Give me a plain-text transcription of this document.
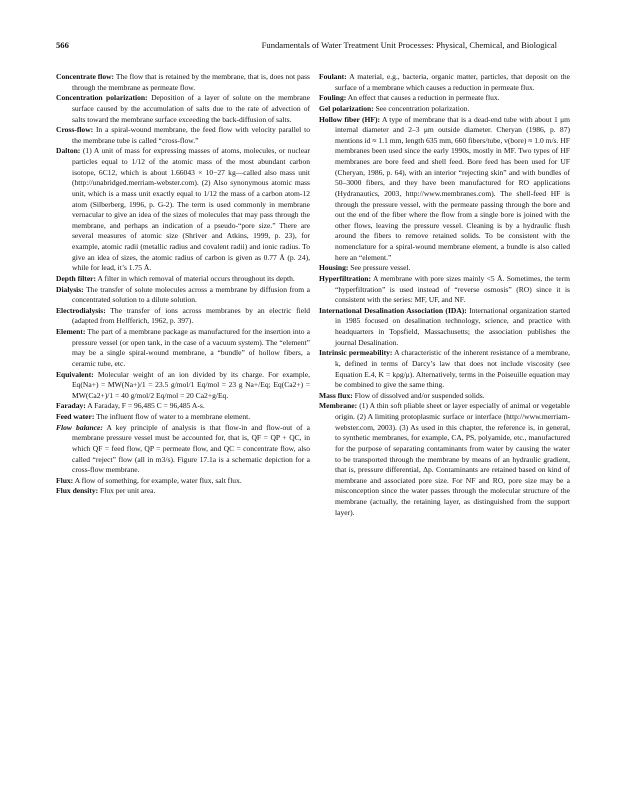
566	Fundamentals of Water Treatment Unit Processes: Physical, Chemical, and Biological

Concentrate flow: The flow that is retained by the membrane, that is, does not pass through the membrane as permeate flow.

Concentration polarization: Deposition of a layer of solute on the membrane surface caused by the accumulation of salts due to the rate of advection of salts toward the membrane surface exceeding the back-diffusion of salts.

Cross-flow: In a spiral-wound membrane, the feed flow with velocity parallel to the membrane tube is called “cross-flow.”

Dalton: (1) A unit of mass for expressing masses of atoms, molecules, or nuclear particles equal to 1/12 of the atomic mass of the most abundant carbon isotope, 6C12, which is about 1.66043 × 10−27 kg—called also mass unit (http://unabridged.merriam-webster.com). (2) Also synonymous atomic mass unit, which is a mass unit exactly equal to 1/12 the mass of a carbon atom-12 atom (Silberberg, 1996, p. G-2). The term is used commonly in membrane vernacular to give an idea of the sizes of molecules that may pass through the membrane, and perhaps an indication of a pseudo-“pore size.” There are several measures of atomic size (Shriver and Atkins, 1999, p. 23), for example, atomic radii (metallic radius and covalent radii) and ionic radius. To give an idea of sizes, the atomic radius of carbon is given as 0.77 Å (p. 24), while for lead, it’s 1.75 Å.

Depth filter: A filter in which removal of material occurs throughout its depth.

Dialysis: The transfer of solute molecules across a membrane by diffusion from a concentrated solution to a dilute solution.

Electrodialysis: The transfer of ions across membranes by an electric field (adapted from Helfferich, 1962, p. 397).

Element: The part of a membrane package as manufactured for the insertion into a pressure vessel (or open tank, in the case of a vacuum system). The “element” may be a single spiral-wound membrane, a “bundle” of hollow fibers, a ceramic tube, etc.

Equivalent: Molecular weight of an ion divided by its charge. For example, Eq(Na+) = MW(Na+)/1 = 23.5 g/mol/1 Eq/mol = 23 g Na+/Eq; Eq(Ca2+) = MW(Ca2+)/1 = 40 g/mol/2 Eq/mol = 20 Ca2+g/Eq.

Faraday: A Faraday, F = 96,485 C = 96,485 A-s.

Feed water: The influent flow of water to a membrane element.

Flow balance: A key principle of analysis is that flow-in and flow-out of a membrane pressure vessel must be accounted for, that is, QF = QP + QC, in which QF = feed flow, QP = permeate flow, and QC = concentrate flow, also called “reject” flow (all in m3/s). Figure 17.1a is a schematic depiction for a cross-flow membrane.

Flux: A flow of something, for example, water flux, salt flux.

Flux density: Flux per unit area.

Foulant: A material, e.g., bacteria, organic matter, particles, that deposit on the surface of a membrane which causes a reduction in permeate flux.

Fouling: An effect that causes a reduction in permeate flux.

Gel polarization: See concentration polarization.

Hollow fiber (HF): A type of membrane that is a dead-end tube with about 1 μm internal diameter and 2–3 μm outside diameter. Cheryan (1986, p. 87) mentions id ≈ 1.1 mm, length 635 mm, 660 fibers/tube, v(bore) ≈ 1.0 m/s. HF membranes been used since the early 1990s, mostly in MF. Two types of HF membranes are bore feed and shell feed. Bore feed has been used for UF (Cheryan, 1986, p. 64), with an interior “rejecting skin” and with bundles of 50–3000 fibers, and they have been manufactured for RO applications (Hydranautics, 2003, http://www.membranes.com). The shell-feed HF is through the pressure vessel, with the permeate passing through the bore and out the end of the fiber where the flow from a single bore is joined with the other flows, leaving the pressure vessel. Cleaning is by a hydraulic flush around the fibers to remove retained solids. To be consistent with the nomenclature for a spiral-wound membrane element, a bundle is also called here an “element.”

Housing: See pressure vessel.

Hyperfiltration: A membrane with pore sizes mainly <5 Å. Sometimes, the term “hyperfiltration” is used instead of “reverse osmosis” (RO) since it is consistent with the series: MF, UF, and NF.

International Desalination Association (IDA): International organization started in 1985 focused on desalination technology, science, and practice with headquarters in Topsfield, Massachusetts; the association publishes the journal Desalination.

Intrinsic permeability: A characteristic of the inherent resistance of a membrane, k, defined in terms of Darcy’s law that does not include viscosity (see Equation E.4, K = kρg/μ). Alternatively, terms in the Poiseuille equation may be combined to give the same thing.

Mass flux: Flow of dissolved and/or suspended solids.

Membrane: (1) A thin soft pliable sheet or layer especially of animal or vegetable origin. (2) A limiting protoplasmic surface or interface (http://www.merriam-webster.com, 2003). (3) As used in this chapter, the reference is, in general, to synthetic membranes, for example, CA, PS, polyamide, etc., manufactured for the purpose of separating contaminants from water by causing the water to be transported through the membrane by means of an hydraulic gradient, that is, pressure differential, Δp. Contaminants are retained based on kind of membrane and associated pore size. For NF and RO, pore size may be a misconception since the water passes through the molecular structure of the membrane (actually, the retaining layer, as distinguished from the support layer).
